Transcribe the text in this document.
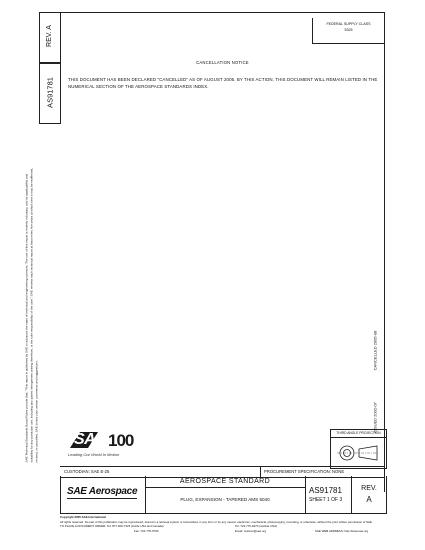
FEDERAL SUPPLY CLASS
5325
REV. A
AS91781
CANCELLATION NOTICE
THIS DOCUMENT HAS BEEN DECLARED "CANCELLED" AS OF AUGUST 2005. BY THIS ACTION, THIS DOCUMENT WILL REMAIN LISTED IN THE NUMERICAL SECTION OF THE AEROSPACE STANDARDS INDEX.
SAE Technical Standards Board Rules provide that: "This report is published by SAE to advance the state of technical and engineering sciences. The use of this report is entirely voluntary, and its applicability and suitability for any particular use, including any patent infringement arising therefrom, is the sole responsibility of the user." SAE reviews each technical report at least every five years at which time it may be reaffirmed, revised, or cancelled. SAE invites your written comments and suggestions.
CANCELLED 2005-08
ISSUED 2002-07
SAE 100
Leading Our World In Motion
THIRD ANGLE PROJECTION
CUSTODIAN: SAE E-25	PROCUREMENT SPECIFICATION: NONE
SAE Aerospace
AEROSPACE STANDARD
PLUG, EXPANSION - TAPERED AMS 5040
AS91781
SHEET 1 OF 3
REV.
A
Copyright 2005 SAE International
All rights reserved. No part of this publication may be reproduced, stored in a retrieval system or transmitted, in any form or by any means, electronic, mechanical, photocopying, recording, or otherwise, without the prior written permission of SAE.
TO PLACE A DOCUMENT ORDER: Tel: 877-606-7323 (inside USA and Canada)	Tel: 724-776-4970 (outside USA)
Fax: 724-776-0790	Email: custsvc@sae.org	SAE WEB ADDRESS: http://www.sae.org
